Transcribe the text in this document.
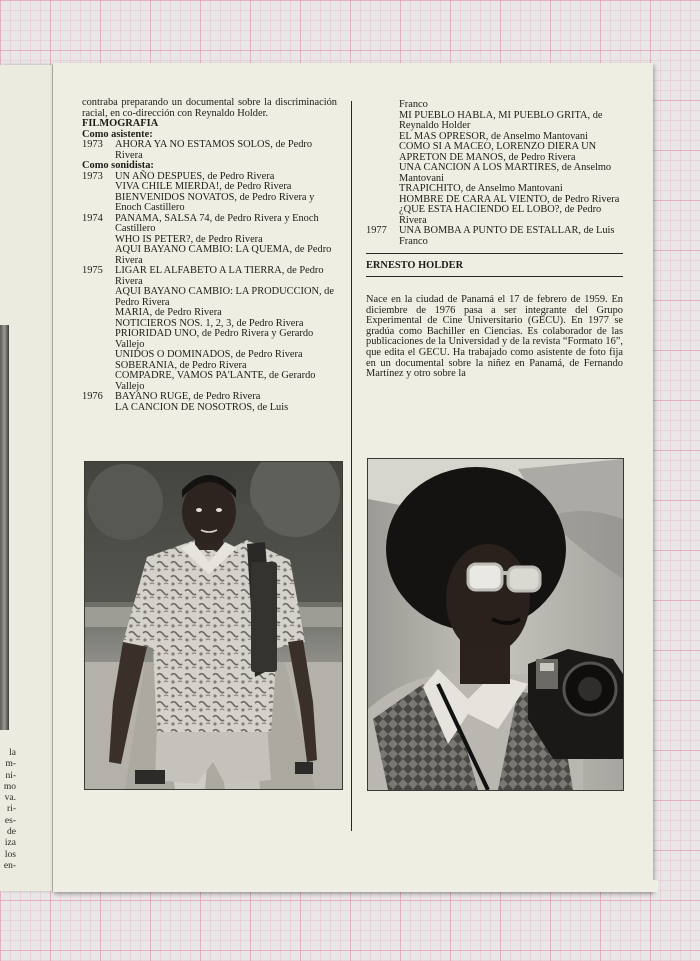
la
m-
ni-
mo
va.
ri-
es-
de
iza
los
en-
contraba preparando un documental sobre la discriminación racial, en co-dirección con Reynaldo Holder.
FILMOGRAFIA
Como asistente:
1973 AHORA YA NO ESTAMOS SOLOS, de Pedro Rivera
Como sonidista:
1973 UN AÑO DESPUES, de Pedro Rivera
VIVA CHILE MIERDA!, de Pedro Rivera
BIENVENIDOS NOVATOS, de Pedro Rivera y Enoch Castillero
1974 PANAMA, SALSA 74, de Pedro Rivera y Enoch Castillero
WHO IS PETER?, de Pedro Rivera
AQUI BAYANO CAMBIO: LA QUEMA, de Pedro Rivera
1975 LIGAR EL ALFABETO A LA TIERRA, de Pedro Rivera
AQUI BAYANO CAMBIO: LA PRODUCCION, de Pedro Rivera
MARIA, de Pedro Rivera
NOTICIEROS NOS. 1, 2, 3, de Pedro Rivera
PRIORIDAD UNO, de Pedro Rivera y Gerardo Vallejo
UNIDOS O DOMINADOS, de Pedro Rivera
SOBERANIA, de Pedro Rivera
COMPADRE, VAMOS PA'LANTE, de Gerardo Vallejo
1976 BAYANO RUGE, de Pedro Rivera
LA CANCION DE NOSOTROS, de Luis
Franco
MI PUEBLO HABLA, MI PUEBLO GRITA, de Reynaldo Holder
EL MAS OPRESOR, de Anselmo Mantovani
COMO SI A MACEO, LORENZO DIERA UN APRETON DE MANOS, de Pedro Rivera
UNA CANCION A LOS MARTIRES, de Anselmo Mantovani
TRAPICHITO, de Anselmo Mantovani
HOMBRE DE CARA AL VIENTO, de Pedro Rivera
¿QUE ESTA HACIENDO EL LOBO?, de Pedro Rivera
1977 UNA BOMBA A PUNTO DE ESTALLAR, de Luis Franco
ERNESTO HOLDER
Nace en la ciudad de Panamá el 17 de febrero de 1959. En diciembre de 1976 pasa a ser integrante del Grupo Experimental de Cine Universitario (GECU). En 1977 se gradúa como Bachiller en Ciencias. Es colaborador de las publicaciones de la Universidad y de la revista “Formato 16”, que edita el GECU. Ha trabajado como asistente de foto fija en un documental sobre la niñez en Panamá, de Fernando Martínez y otro sobre la
